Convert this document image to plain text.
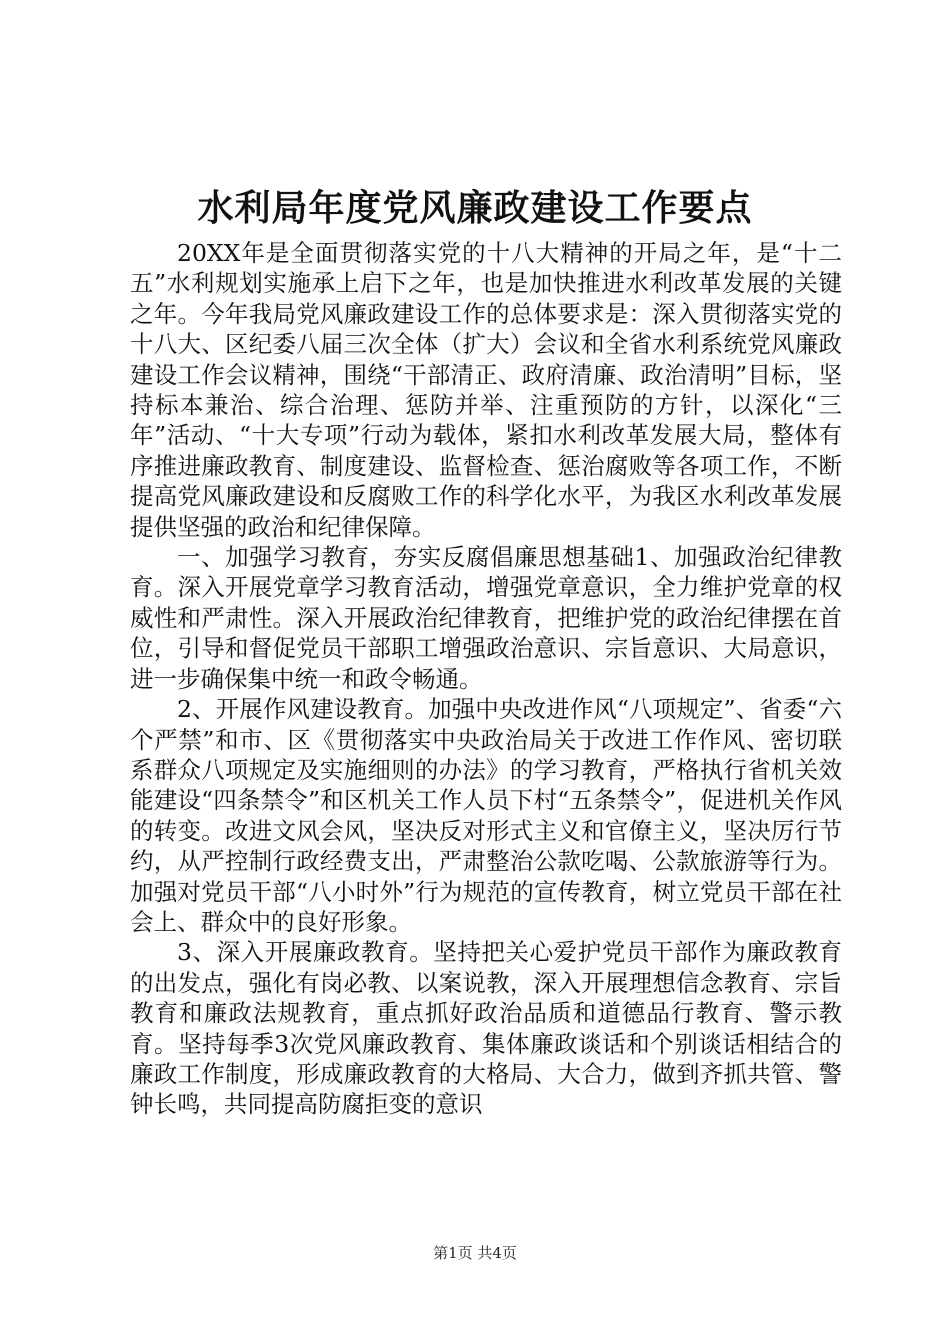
水利局年度党风廉政建设工作要点

20XX年是全面贯彻落实党的十八大精神的开局之年，是“十二五”水利规划实施承上启下之年，也是加快推进水利改革发展的关键之年。今年我局党风廉政建设工作的总体要求是：深入贯彻落实党的十八大、区纪委八届三次全体（扩大）会议和全省水利系统党风廉政建设工作会议精神，围绕“干部清正、政府清廉、政治清明”目标，坚持标本兼治、综合治理、惩防并举、注重预防的方针，以深化“三年”活动、“十大专项”行动为载体，紧扣水利改革发展大局，整体有序推进廉政教育、制度建设、监督检查、惩治腐败等各项工作，不断提高党风廉政建设和反腐败工作的科学化水平，为我区水利改革发展提供坚强的政治和纪律保障。

一、加强学习教育，夯实反腐倡廉思想基础1、加强政治纪律教育。深入开展党章学习教育活动，增强党章意识，全力维护党章的权威性和严肃性。深入开展政治纪律教育，把维护党的政治纪律摆在首位，引导和督促党员干部职工增强政治意识、宗旨意识、大局意识，进一步确保集中统一和政令畅通。

2、开展作风建设教育。加强中央改进作风“八项规定”、省委“六个严禁”和市、区《贯彻落实中央政治局关于改进工作作风、密切联系群众八项规定及实施细则的办法》的学习教育，严格执行省机关效能建设“四条禁令”和区机关工作人员下村“五条禁令”，促进机关作风的转变。改进文风会风，坚决反对形式主义和官僚主义，坚决厉行节约，从严控制行政经费支出，严肃整治公款吃喝、公款旅游等行为。加强对党员干部“八小时外”行为规范的宣传教育，树立党员干部在社会上、群众中的良好形象。

3、深入开展廉政教育。坚持把关心爱护党员干部作为廉政教育的出发点，强化有岗必教、以案说教，深入开展理想信念教育、宗旨教育和廉政法规教育，重点抓好政治品质和道德品行教育、警示教育。坚持每季3次党风廉政教育、集体廉政谈话和个别谈话相结合的廉政工作制度，形成廉政教育的大格局、大合力，做到齐抓共管、警钟长鸣，共同提高防腐拒变的意识

第1页 共4页
